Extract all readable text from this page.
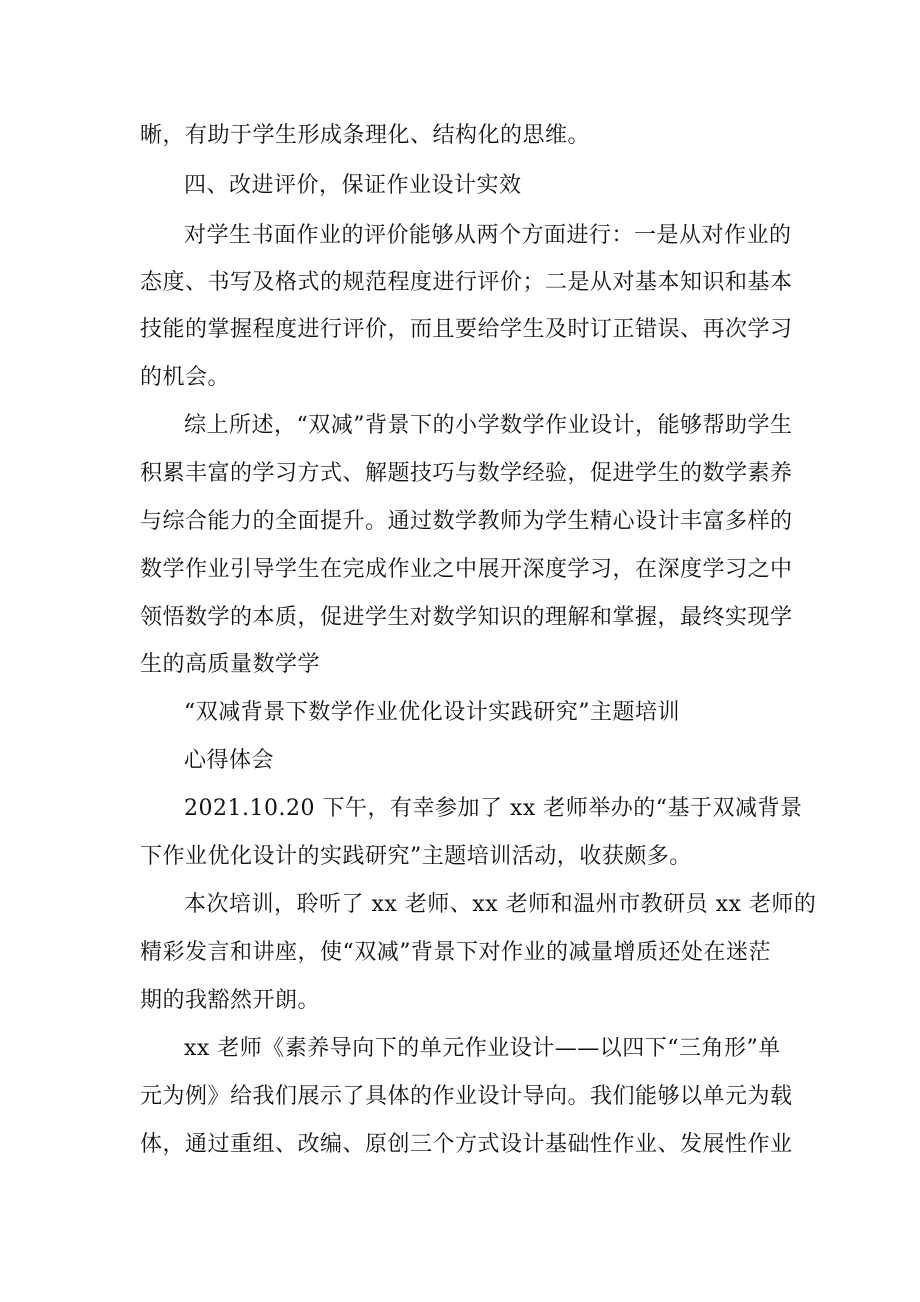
晰，有助于学生形成条理化、结构化的思维。
四、改进评价，保证作业设计实效
对学生书面作业的评价能够从两个方面进行：一是从对作业的
态度、书写及格式的规范程度进行评价；二是从对基本知识和基本
技能的掌握程度进行评价，而且要给学生及时订正错误、再次学习
的机会。
综上所述，“双减”背景下的小学数学作业设计，能够帮助学生
积累丰富的学习方式、解题技巧与数学经验，促进学生的数学素养
与综合能力的全面提升。通过数学教师为学生精心设计丰富多样的
数学作业引导学生在完成作业之中展开深度学习，在深度学习之中
领悟数学的本质，促进学生对数学知识的理解和掌握，最终实现学
生的高质量数学学
“双减背景下数学作业优化设计实践研究”主题培训
心得体会
2021.10.20 下午，有幸参加了 xx 老师举办的“基于双减背景
下作业优化设计的实践研究”主题培训活动，收获颇多。
本次培训，聆听了 xx 老师、xx 老师和温州市教研员 xx 老师的
精彩发言和讲座，使“双减”背景下对作业的减量增质还处在迷茫
期的我豁然开朗。
xx 老师《素养导向下的单元作业设计——以四下“三角形”单
元为例》给我们展示了具体的作业设计导向。我们能够以单元为载
体，通过重组、改编、原创三个方式设计基础性作业、发展性作业
